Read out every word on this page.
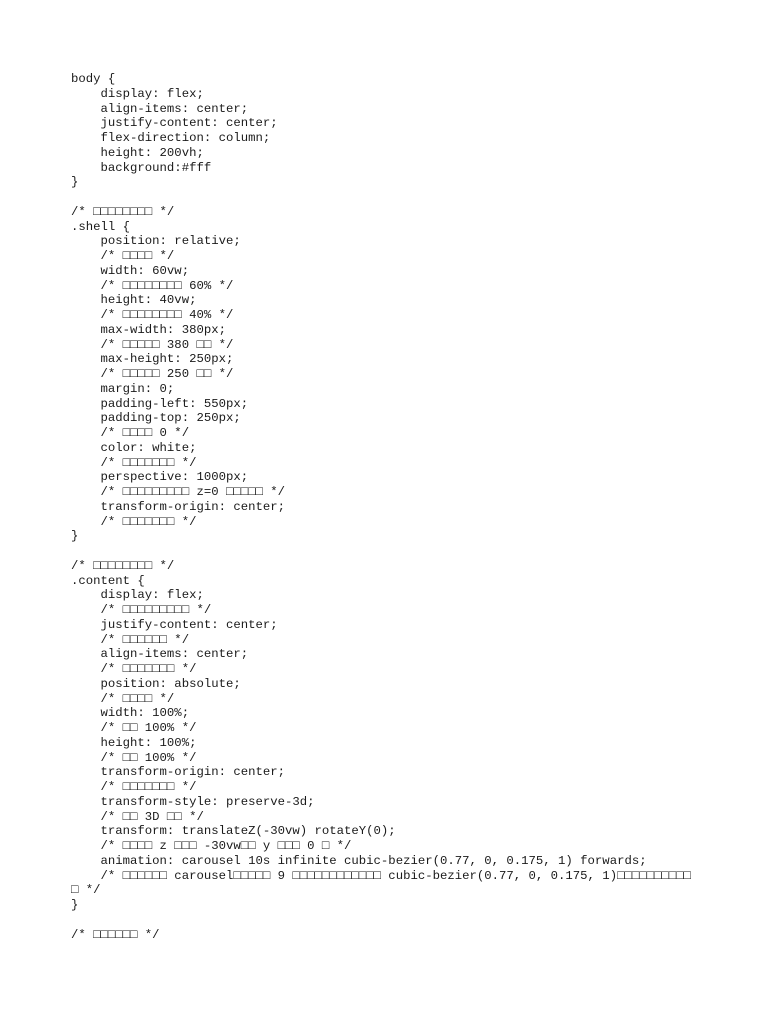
body {
display: flex;
align-items: center;
justify-content: center;
flex-direction: column;
height: 200vh;
background:#fff
}
/* □□□□□□□□ */
.shell {
position: relative;
/* □□□□ */
width: 60vw;
/* □□□□□□□□ 60% */
height: 40vw;
/* □□□□□□□□ 40% */
max-width: 380px;
/* □□□□□ 380 □□ */
max-height: 250px;
/* □□□□□ 250 □□ */
margin: 0;
padding-left: 550px;
padding-top: 250px;
/* □□□□ 0 */
color: white;
/* □□□□□□□ */
perspective: 1000px;
/* □□□□□□□□□ z=0 □□□□□ */
transform-origin: center;
/* □□□□□□□ */
}
/* □□□□□□□□ */
.content {
display: flex;
/* □□□□□□□□□ */
justify-content: center;
/* □□□□□□ */
align-items: center;
/* □□□□□□□ */
position: absolute;
/* □□□□ */
width: 100%;
/* □□ 100% */
height: 100%;
/* □□ 100% */
transform-origin: center;
/* □□□□□□□ */
transform-style: preserve-3d;
/* □□ 3D □□ */
transform: translateZ(-30vw) rotateY(0);
/* □□□□ z □□□ -30vw□□ y □□□ 0 □ */
animation: carousel 10s infinite cubic-bezier(0.77, 0, 0.175, 1) forwards;
/* □□□□□□ carousel□□□□□ 9 □□□□□□□□□□□□ cubic-bezier(0.77, 0, 0.175, 1)□□□□□□□□□□
□ */
}
/* □□□□□□ */
